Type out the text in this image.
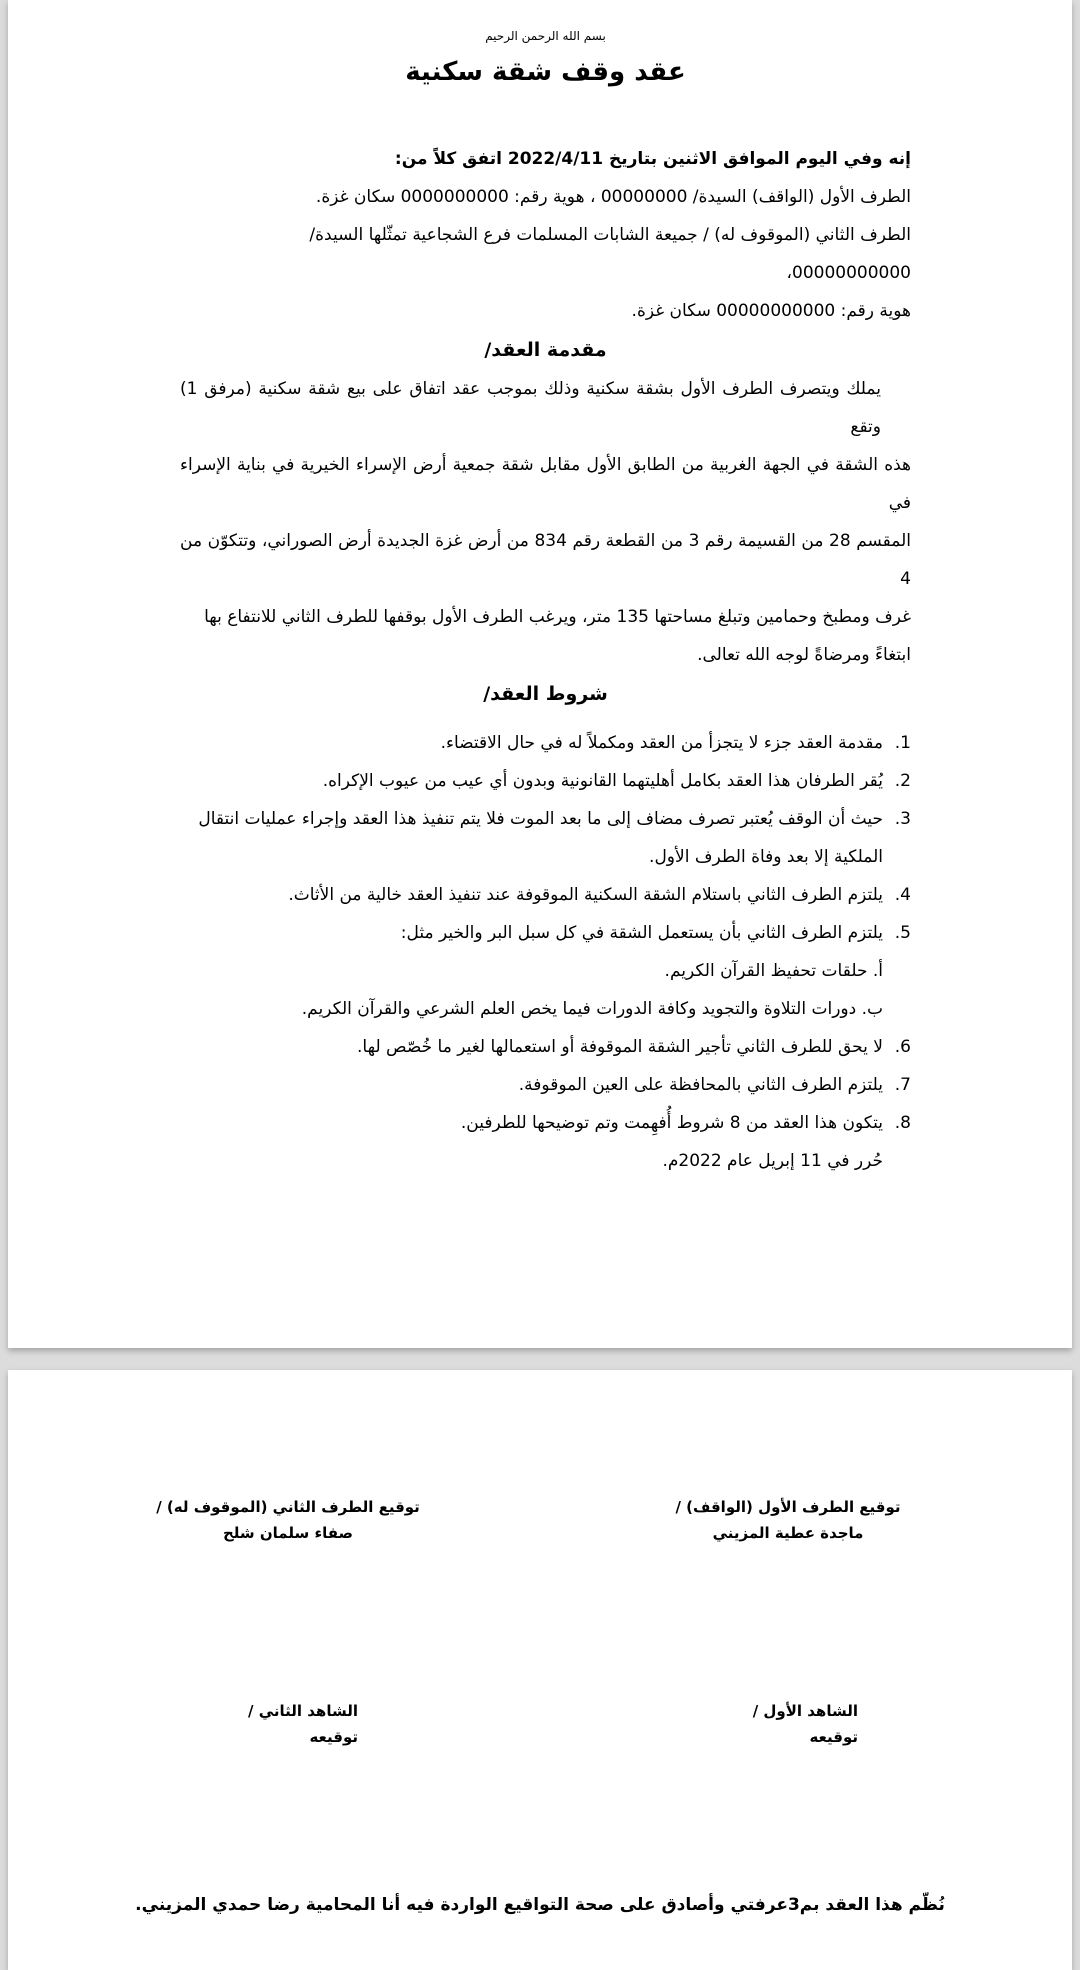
بسم الله الرحمن الرحيم
عقد وقف شقة سكنية
إنه وفي اليوم الموافق الاثنين بتاريخ 2022/4/11 اتفق كلاً من:
الطرف الأول (الواقف) السيدة/ 00000000 ، هوية رقم: 0000000000 سكان غزة.
الطرف الثاني (الموقوف له) / جميعة الشابات المسلمات فرع الشجاعية تمثّلها السيدة/ 00000000000،
هوية رقم: 00000000000 سكان غزة.
مقدمة العقد/
يملك ويتصرف الطرف الأول بشقة سكنية وذلك بموجب عقد اتفاق على بيع شقة سكنية (مرفق 1) وتقع
هذه الشقة في الجهة الغربية من الطابق الأول مقابل شقة جمعية أرض الإسراء الخيرية في بناية الإسراء في
المقسم 28 من القسيمة رقم 3 من القطعة رقم 834 من أرض غزة الجديدة أرض الصوراني، وتتكوّن من 4
غرف ومطبخ وحمامين وتبلغ مساحتها 135 متر، ويرغب الطرف الأول بوقفها للطرف الثاني للانتفاع بها
ابتغاءً ومرضاةً لوجه الله تعالى.
شروط العقد/
1.مقدمة العقد جزء لا يتجزأ من العقد ومكملاً له في حال الاقتضاء.
2.يُقر الطرفان هذا العقد بكامل أهليتهما القانونية وبدون أي عيب من عيوب الإكراه.
3.حيث أن الوقف يُعتبر تصرف مضاف إلى ما بعد الموت فلا يتم تنفيذ هذا العقد وإجراء عمليات انتقال
الملكية إلا بعد وفاة الطرف الأول.
4.يلتزم الطرف الثاني باستلام الشقة السكنية الموقوفة عند تنفيذ العقد خالية من الأثاث.
5.يلتزم الطرف الثاني بأن يستعمل الشقة في كل سبل البر والخير مثل:
أ. حلقات تحفيظ القرآن الكريم.
ب. دورات التلاوة والتجويد وكافة الدورات فيما يخص العلم الشرعي والقرآن الكريم.
6.لا يحق للطرف الثاني تأجير الشقة الموقوفة أو استعمالها لغير ما خُصّص لها.
7.يلتزم الطرف الثاني بالمحافظة على العين الموقوفة.
8.يتكون هذا العقد من 8 شروط أُفهِمت وتم توضيحها للطرفين.
حُرر في 11 إبريل عام 2022م.
توقيع الطرف الأول (الواقف) /
ماجدة عطية المزيني
توقيع الطرف الثاني (الموقوف له) /
صفاء سلمان شلح
الشاهد الأول /
توقيعه
الشاهد الثاني /
توقيعه
نُظّم هذا العقد بم3عرفتي وأصادق على صحة التواقيع الواردة فيه أنا المحامية رضا حمدي المزيني.
